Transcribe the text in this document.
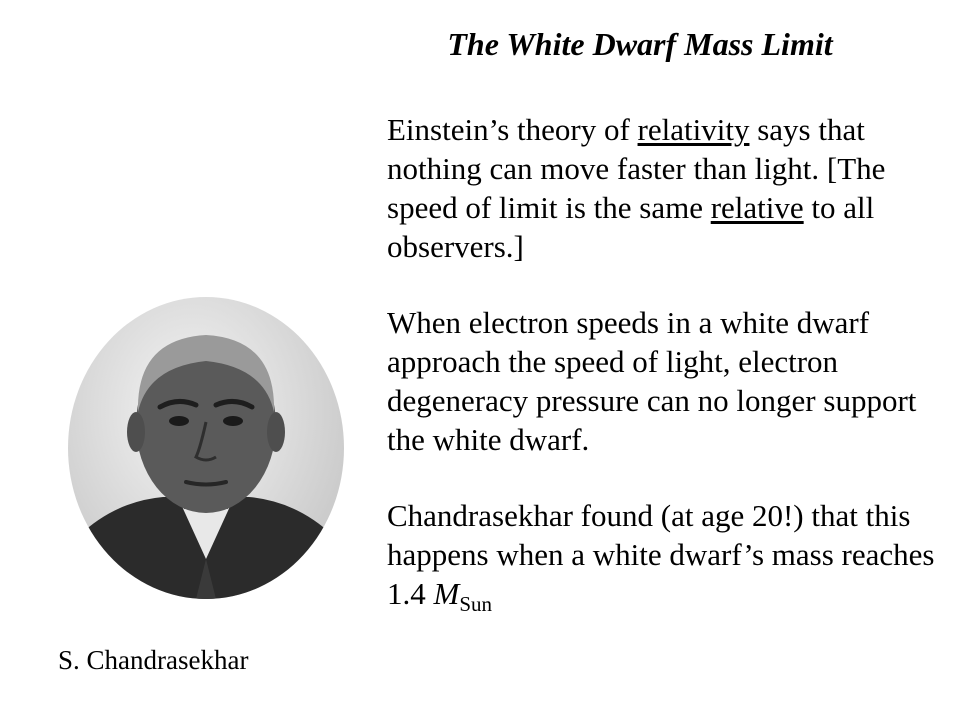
The White Dwarf Mass Limit

Einstein’s theory of relativity says that nothing can move faster than light. [The speed of limit is the same relative to all observers.]

When electron speeds in a white dwarf approach the speed of light, electron degeneracy pressure can no longer support the white dwarf.

Chandrasekhar found (at age 20!) that this happens when a white dwarf’s mass reaches 1.4 $M_{Sun}$

S. Chandrasekhar
